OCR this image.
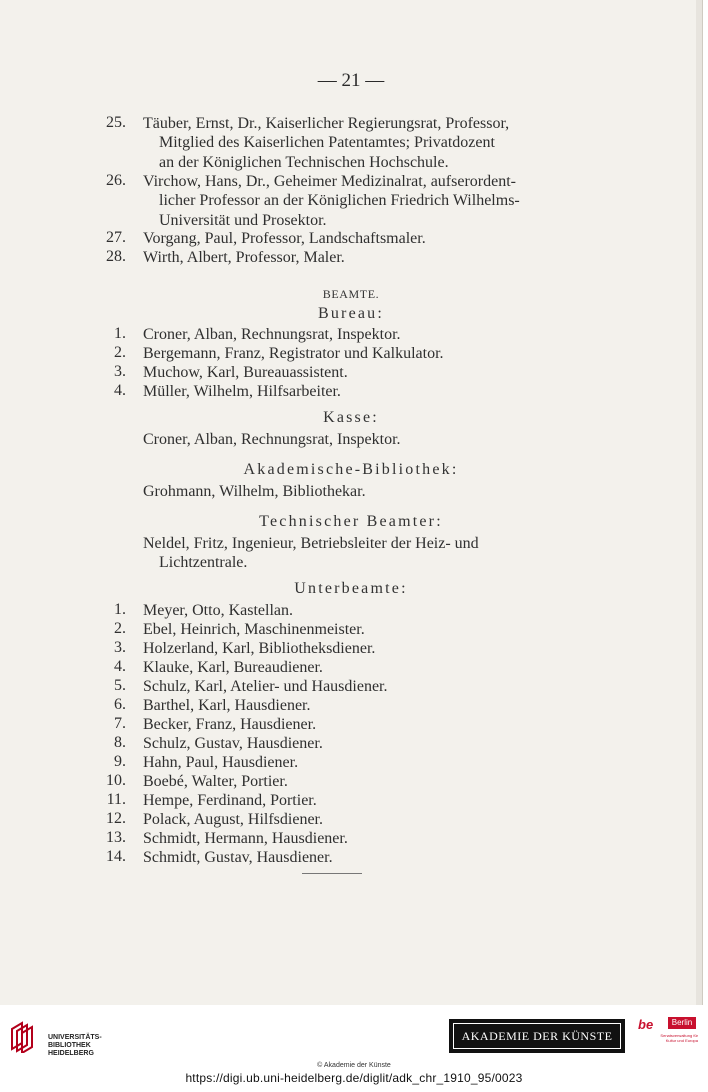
— 21 —
25. Täuber, Ernst, Dr., Kaiserlicher Regierungsrat, Professor,
Mitglied des Kaiserlichen Patentamtes; Privatdozent
an der Königlichen Technischen Hochschule.
26. Virchow, Hans, Dr., Geheimer Medizinalrat, aufserordent-
licher Professor an der Königlichen Friedrich Wilhelms-
Universität und Prosektor.
27. Vorgang, Paul, Professor, Landschaftsmaler.
28. Wirth, Albert, Professor, Maler.
BEAMTE.
Bureau:
1. Croner, Alban, Rechnungsrat, Inspektor.
2. Bergemann, Franz, Registrator und Kalkulator.
3. Muchow, Karl, Bureauassistent.
4. Müller, Wilhelm, Hilfsarbeiter.
Kasse:
Croner, Alban, Rechnungsrat, Inspektor.
Akademische-Bibliothek:
Grohmann, Wilhelm, Bibliothekar.
Technischer Beamter:
Neldel, Fritz, Ingenieur, Betriebsleiter der Heiz- und
Lichtzentrale.
Unterbeamte:
1. Meyer, Otto, Kastellan.
2. Ebel, Heinrich, Maschinenmeister.
3. Holzerland, Karl, Bibliotheksdiener.
4. Klauke, Karl, Bureaudiener.
5. Schulz, Karl, Atelier- und Hausdiener.
6. Barthel, Karl, Hausdiener.
7. Becker, Franz, Hausdiener.
8. Schulz, Gustav, Hausdiener.
9. Hahn, Paul, Hausdiener.
10. Boebé, Walter, Portier.
11. Hempe, Ferdinand, Portier.
12. Polack, August, Hilfsdiener.
13. Schmidt, Hermann, Hausdiener.
14. Schmidt, Gustav, Hausdiener.
UNIVERSITÄTS-
BIBLIOTHEK
HEIDELBERG
AKADEMIE DER KÜNSTE
be	Berlin
Senatsverwaltung für Kultur und Europa
© Akademie der Künste
https://digi.ub.uni-heidelberg.de/diglit/adk_chr_1910_95/0023
